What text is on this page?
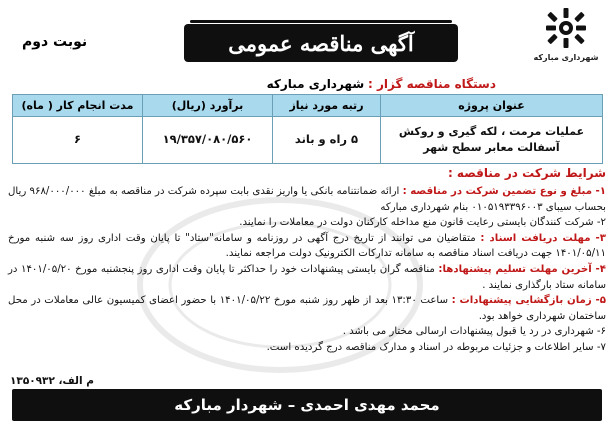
شهرداری مبارکه
آگهی مناقصه عمومی
نوبت دوم
دستگاه مناقصه گزار : شهرداری مبارکه
عنوان پروژه	رتبه مورد نیاز	برآورد (ریال)	مدت انجام کار ( ماه)
عملیات مرمت ، لکه گیری و روکش آسفالت معابر سطح شهر	۵ راه و باند	۱۹/۳۵۷/۰۸۰/۵۶۰	۶
شرایط شرکت در مناقصه :

۱- مبلغ و نوع تضمین شرکت در مناقصه : ارائه ضمانتنامه بانکی یا واریز نقدی بابت سپرده شرکت در مناقصه به مبلغ ۹۶۸/۰۰۰/۰۰۰ ریال بحساب سیبای ۰۱۰۵۱۹۳۳۹۶۰۰۳ بنام شهرداری مبارکه

۲- شرکت کنندگان بایستی رعایت قانون منع مداخله کارکنان دولت در معاملات را نمایند.

۳- مهلت دریافت اسناد : متقاضیان می توانند از تاریخ درج آگهی در روزنامه و سامانه"ستاد" تا پایان وقت اداری روز سه شنبه مورخ ۱۴۰۱/۰۵/۱۱ جهت دریافت اسناد مناقصه به سامانه تدارکات الکترونیک دولت مراجعه نمایند.

۴- آخرین مهلت تسلیم پیشنهادها: مناقصه گران بایستی پیشنهادات خود را حداکثر تا پایان وقت اداری روز پنجشنبه مورخ ۱۴۰۱/۰۵/۲۰ در سامانه ستاد بارگذاری نمایند .

۵- زمان بازگشایی پیشنهادات : ساعت ۱۳:۳۰ بعد از ظهر روز شنبه مورخ ۱۴۰۱/۰۵/۲۲ با حضور اعضای کمیسیون عالی معاملات در محل ساختمان شهرداری خواهد بود.

۶- شهرداری در رد یا قبول پیشنهادات ارسالی مختار می باشد .

۷- سایر اطلاعات و جزئیات مربوطه در اسناد و مدارک مناقصه درج گردیده است.

م الف، ۱۳۵۰۹۳۲
محمد مهدی احمدی – شهردار مبارکه
